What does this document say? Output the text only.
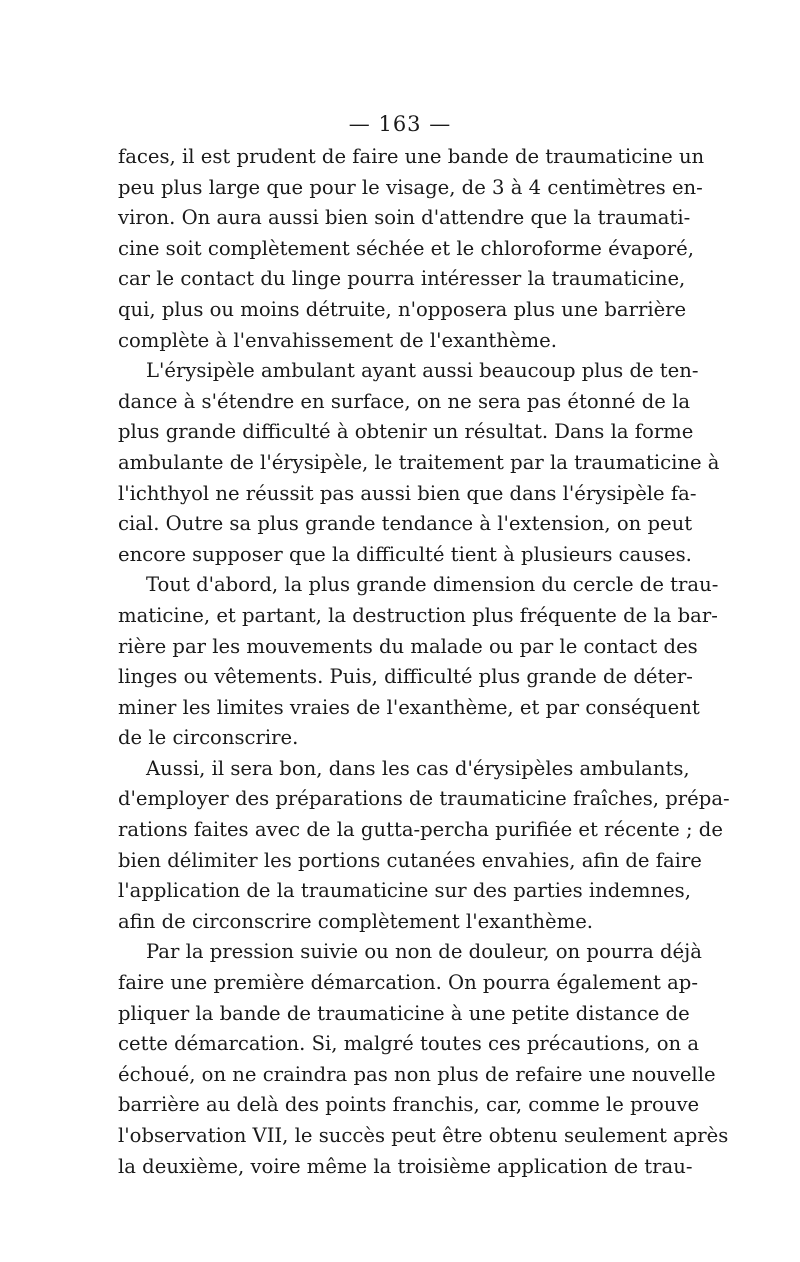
— 163 —
faces, il est prudent de faire une bande de traumaticine un
peu plus large que pour le visage, de 3 à 4 centimètres en-
viron. On aura aussi bien soin d'attendre que la traumati-
cine soit complètement séchée et le chloroforme évaporé,
car le contact du linge pourra intéresser la traumaticine,
qui, plus ou moins détruite, n'opposera plus une barrière
complète à l'envahissement de l'exanthème.
L'érysipèle ambulant ayant aussi beaucoup plus de ten-
dance à s'étendre en surface, on ne sera pas étonné de la
plus grande difficulté à obtenir un résultat. Dans la forme
ambulante de l'érysipèle, le traitement par la traumaticine à
l'ichthyol ne réussit pas aussi bien que dans l'érysipèle fa-
cial. Outre sa plus grande tendance à l'extension, on peut
encore supposer que la difficulté tient à plusieurs causes.
Tout d'abord, la plus grande dimension du cercle de trau-
maticine, et partant, la destruction plus fréquente de la bar-
rière par les mouvements du malade ou par le contact des
linges ou vêtements. Puis, difficulté plus grande de déter-
miner les limites vraies de l'exanthème, et par conséquent
de le circonscrire.
Aussi, il sera bon, dans les cas d'érysipèles ambulants,
d'employer des préparations de traumaticine fraîches, prépa-
rations faites avec de la gutta-percha purifiée et récente ; de
bien délimiter les portions cutanées envahies, afin de faire
l'application de la traumaticine sur des parties indemnes,
afin de circonscrire complètement l'exanthème.
Par la pression suivie ou non de douleur, on pourra déjà
faire une première démarcation. On pourra également ap-
pliquer la bande de traumaticine à une petite distance de
cette démarcation. Si, malgré toutes ces précautions, on a
échoué, on ne craindra pas non plus de refaire une nouvelle
barrière au delà des points franchis, car, comme le prouve
l'observation VII, le succès peut être obtenu seulement après
la deuxième, voire même la troisième application de trau-
